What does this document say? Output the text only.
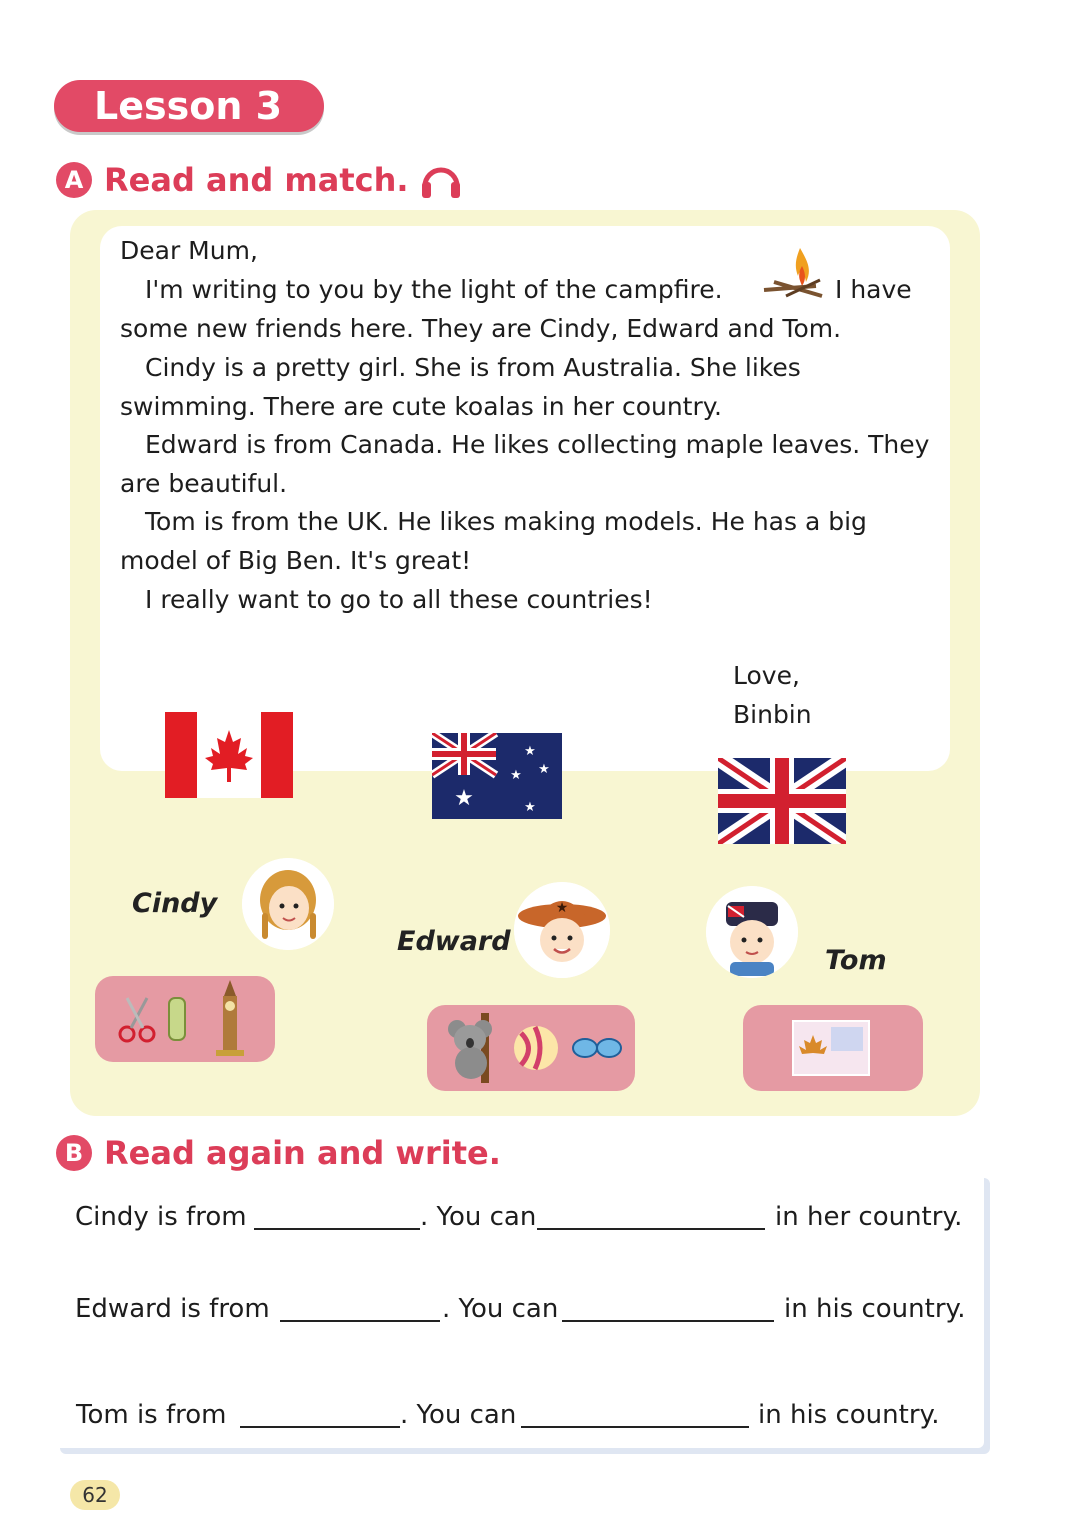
Lesson 3
A Read and match.
Dear Mum,
I'm writing to you by the light of the campfire.	I have
some new friends here. They are Cindy, Edward and Tom.
Cindy is a pretty girl. She is from Australia. She likes
swimming. There are cute koalas in her country.
Edward is from Canada. He likes collecting maple leaves. They
are beautiful.
Tom is from the UK. He likes making models. He has a big
model of Big Ben. It's great!
I really want to go to all these countries!
Love,
Binbin
★
★
★ ★
★
Cindy
Edward
★
Tom
B Read again and write.
Cindy is from	. You can	in her country.
Edward is from	. You can	in his country.
Tom is from	. You can	in his country.
62
